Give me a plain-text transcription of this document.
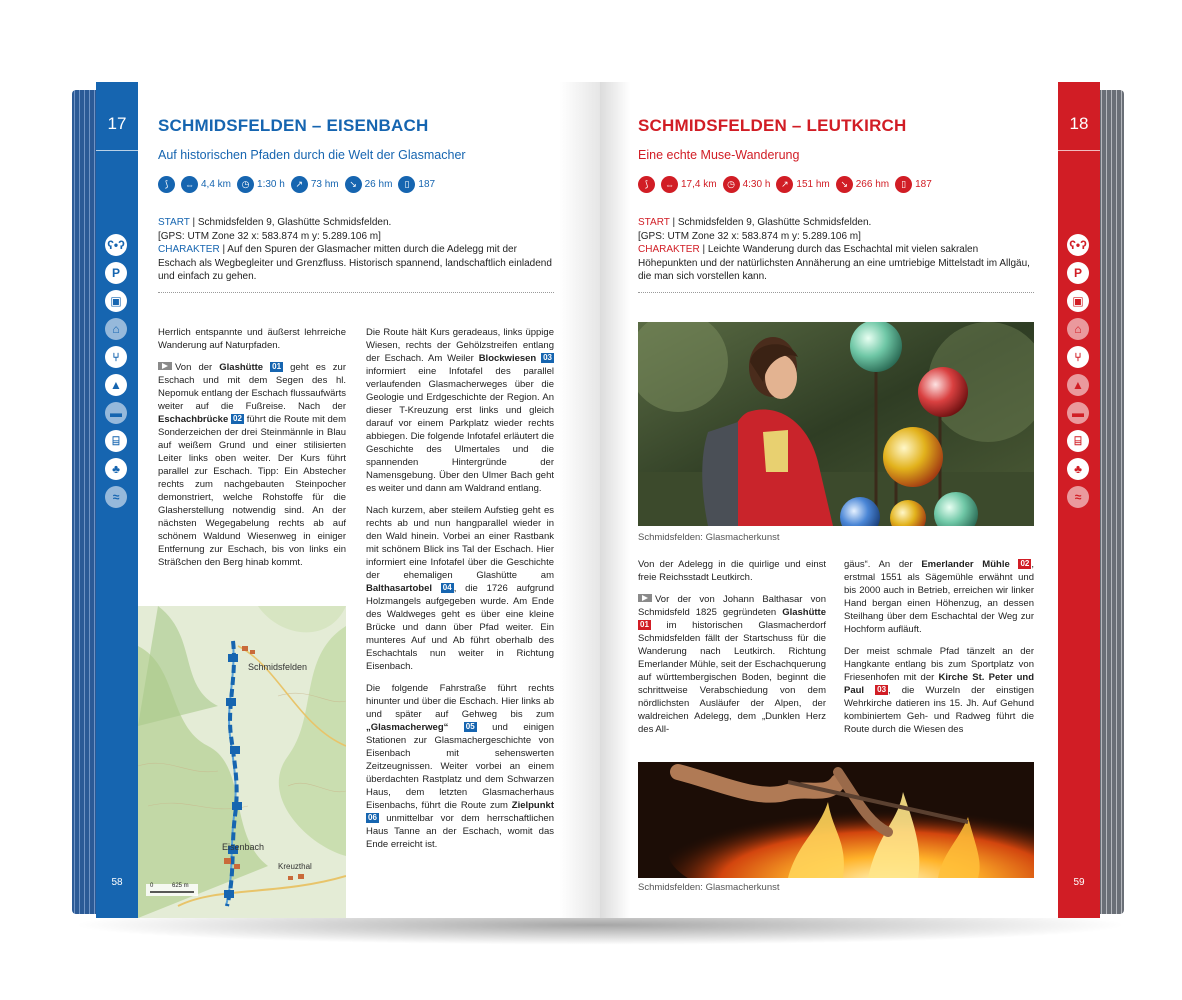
17
ʕ•ʔ
P
▣
⌂
⑂
▲
▬
⌸
♣
≈
58
SCHMIDSFELDEN – EISENBACH
Auf historischen Pfaden durch die Welt der Glasmacher
⟆	⇔ 4,4 km	◷ 1:30 h	↗ 73 hm	↘ 26 hm	▯ 187
START | Schmidsfelden 9, Glashütte Schmidsfelden.
[GPS: UTM Zone 32 x: 583.874 m y: 5.289.106 m]
CHARAKTER | Auf den Spuren der Glasmacher mitten durch die Adelegg mit der Eschach als Wegbegleiter und Grenzfluss. Historisch spannend, landschaftlich einladend und einfach zu gehen.

Herrlich entspannte und äußerst lehrreiche Wanderung auf Naturpfaden.

Von der Glashütte 01 geht es zur Eschach und mit dem Segen des hl. Nepomuk entlang der Eschach flussaufwärts weiter auf die Fußreise. Nach der Eschachbrücke 02 führt die Route mit dem Sonderzeichen der drei Steinmännle in Blau auf weißem Grund und einer stilisierten Leiter links oben weiter. Der Kurs führt parallel zur Eschach. Tipp: Ein Abstecher rechts zum nachgebauten Steinpocher demonstriert, welche Rohstoffe für die Glasherstellung notwendig sind. An der nächsten Wegegabelung rechts ab auf schönem Waldund Wiesenweg in einiger Entfernung zur Eschach, bis von links ein Sträßchen den Berg hinab kommt.

Die Route hält Kurs geradeaus, links üppige Wiesen, rechts der Gehölzstreifen entlang der Eschach. Am Weiler Blockwiesen 03 informiert eine Infotafel des parallel verlaufenden Glasmacherweges über die Geologie und Erdgeschichte der Region. An dieser T-Kreuzung erst links und gleich darauf vor einem Parkplatz wieder rechts abbiegen. Die folgende Infotafel erläutert die Geschichte des Ulmertales und die spannenden Hintergründe der Namensgebung. Über den Ulmer Bach geht es weiter und dann am Waldrand entlang.

Nach kurzem, aber steilem Aufstieg geht es rechts ab und nun hangparallel wieder in den Wald hinein. Vorbei an einer Rastbank mit schönem Blick ins Tal der Eschach. Hier informiert eine Infotafel über die Geschichte der ehemaligen Glashütte am Balthasartobel 04 , die 1726 aufgrund Holzmangels aufgegeben wurde. Am Ende des Waldweges geht es über eine kleine Brücke und dann über Pfad weiter. Ein munteres Auf und Ab führt oberhalb des Eschachtals nun weiter in Richtung Eisenbach.

Die folgende Fahrstraße führt rechts hinunter und über die Eschach. Hier links ab und später auf Gehweg bis zum „Glasmacherweg“ 05 und einigen Stationen zur Glasmachergeschichte von Eisenbach mit sehenswerten Zeitzeugnissen. Weiter vorbei an einem überdachten Rastplatz und dem Schwarzen Haus, dem letzten Glasmacherhaus Eisenbachs, führt die Route zum Zielpunkt 06 unmittelbar vor dem herrschaftlichen Haus Tanne an der Eschach, womit das Ende erreicht ist.

Schmidsfelden
Eisenbach
Kreuzthal
0	625 m
18
ʕ•ʔ
P
▣
⌂
⑂
▲
▬
⌸
♣
≈
59
SCHMIDSFELDEN – LEUTKIRCH
Eine echte Muse-Wanderung
⟆	⇔ 17,4 km	◷ 4:30 h	↗ 151 hm	↘ 266 hm	▯ 187
START | Schmidsfelden 9, Glashütte Schmidsfelden.
[GPS: UTM Zone 32 x: 583.874 m y: 5.289.106 m]
CHARAKTER | Leichte Wanderung durch das Eschachtal mit vielen sakralen Höhepunkten und der natürlichsten Annäherung an eine umtriebige Mittelstadt im Allgäu, die man sich vorstellen kann.
Schmidsfelden: Glasmacherkunst

Von der Adelegg in die quirlige und einst freie Reichsstadt Leutkirch.

Vor der von Johann Balthasar von Schmidsfeld 1825 gegründeten Glashütte 01 im historischen Glasmacherdorf Schmidsfelden fällt der Startschuss für die Wanderung nach Leutkirch. Richtung Emerlander Mühle, seit der Eschachquerung auf württembergischen Boden, beginnt die schrittweise Verabschiedung von dem nördlichsten Ausläufer der Alpen, der waldreichen Adelegg, dem „Dunklen Herz des All-

gäus“. An der Emerlander Mühle 02 , erstmal 1551 als Sägemühle erwähnt und bis 2000 auch in Betrieb, erreichen wir linker Hand bergan einen Höhenzug, an dessen Steilhang über dem Eschachtal der Weg zur Hochform aufläuft.

Der meist schmale Pfad tänzelt an der Hangkante entlang bis zum Sportplatz von Friesenhofen mit der Kirche St. Peter und Paul 03 , die Wurzeln der einstigen Wehrkirche datieren ins 15. Jh. Auf Gehund kombiniertem Geh- und Radweg führt die Route durch die Wiesen des

Schmidsfelden: Glasmacherkunst
